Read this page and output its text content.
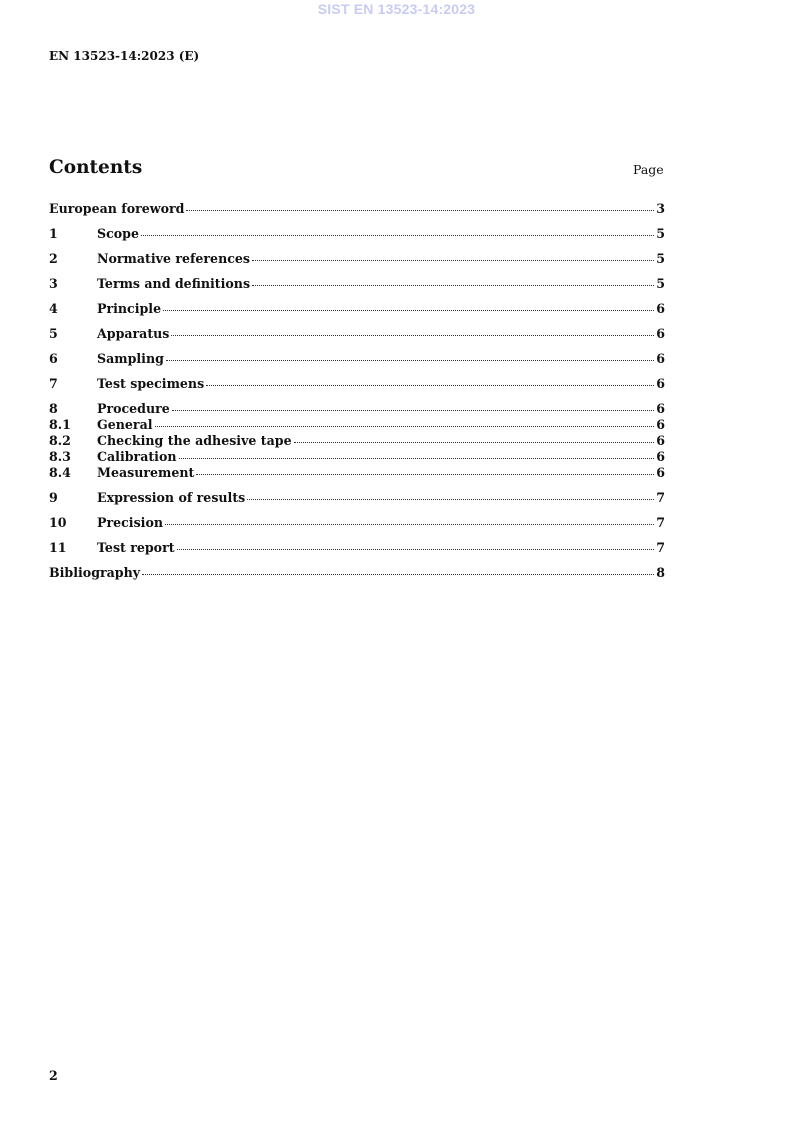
SIST EN 13523-14:2023
EN 13523-14:2023 (E)
Contents	Page
European foreword	3
1	Scope	5
2	Normative references	5
3	Terms and definitions	5
4	Principle	6
5	Apparatus	6
6	Sampling	6
7	Test specimens	6
8	Procedure	6
8.1	General	6
8.2	Checking the adhesive tape	6
8.3	Calibration	6
8.4	Measurement	6
9	Expression of results	7
10	Precision	7
11	Test report	7
Bibliography	8
2
